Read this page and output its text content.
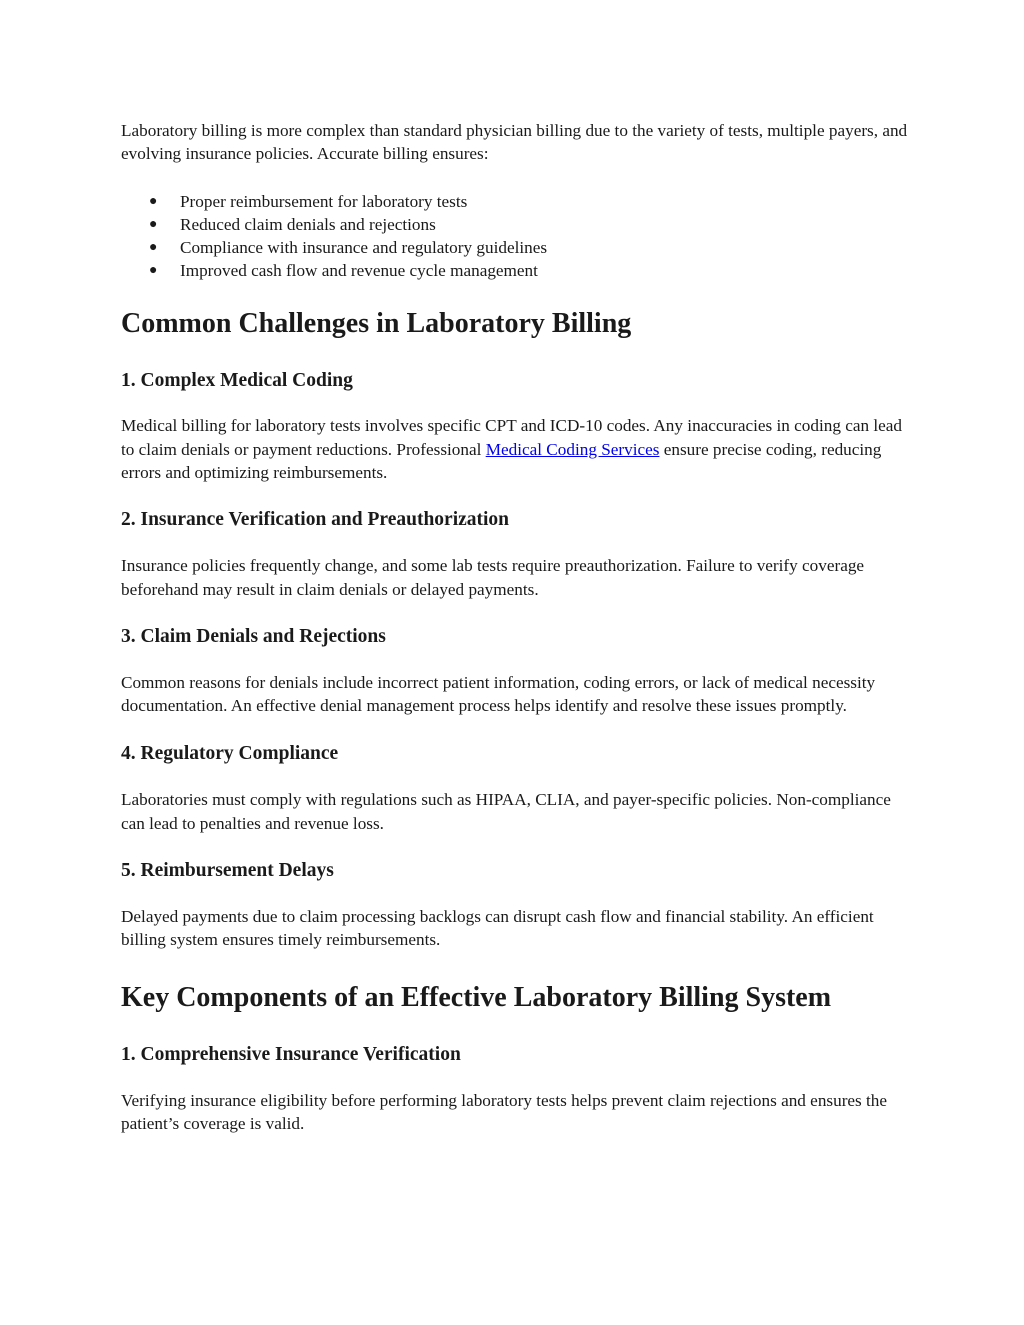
Laboratory billing is more complex than standard physician billing due to the variety of tests, multiple payers, and evolving insurance policies. Accurate billing ensures:

● Proper reimbursement for laboratory tests
● Reduced claim denials and rejections
● Compliance with insurance and regulatory guidelines
● Improved cash flow and revenue cycle management
Common Challenges in Laboratory Billing
1. Complex Medical Coding

Medical billing for laboratory tests involves specific CPT and ICD-10 codes. Any inaccuracies in coding can lead to claim denials or payment reductions. Professional Medical Coding Services ensure precise coding, reducing errors and optimizing reimbursements.

2. Insurance Verification and Preauthorization

Insurance policies frequently change, and some lab tests require preauthorization. Failure to verify coverage beforehand may result in claim denials or delayed payments.

3. Claim Denials and Rejections

Common reasons for denials include incorrect patient information, coding errors, or lack of medical necessity documentation. An effective denial management process helps identify and resolve these issues promptly.

4. Regulatory Compliance

Laboratories must comply with regulations such as HIPAA, CLIA, and payer-specific policies. Non-compliance can lead to penalties and revenue loss.

5. Reimbursement Delays

Delayed payments due to claim processing backlogs can disrupt cash flow and financial stability. An efficient billing system ensures timely reimbursements.

Key Components of an Effective Laboratory Billing System
1. Comprehensive Insurance Verification

Verifying insurance eligibility before performing laboratory tests helps prevent claim rejections and ensures the patient’s coverage is valid.
